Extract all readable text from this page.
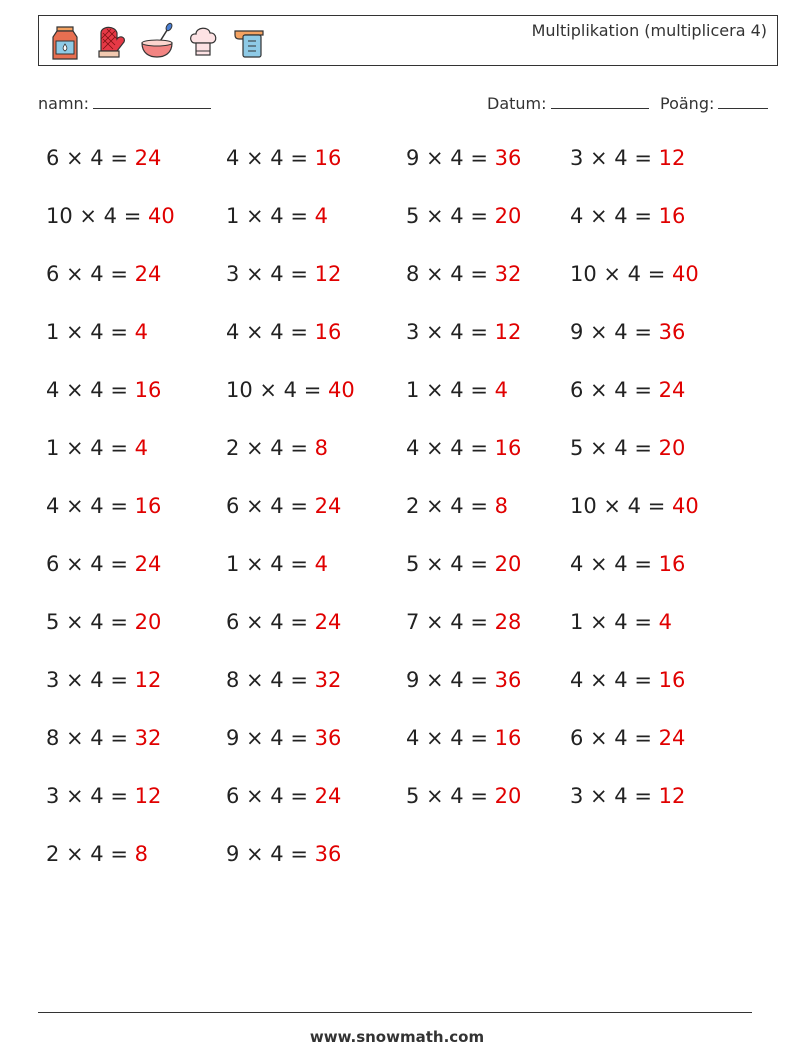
Multiplikation (multiplicera 4)
namn:	Datum:	Poäng:
6 × 4 = 24	4 × 4 = 16	9 × 4 = 36 3 × 4 = 12
10 × 4 = 40 1 × 4 = 4	5 × 4 = 20 4 × 4 = 16
6 × 4 = 24	3 × 4 = 12	8 × 4 = 32 10 × 4 = 40
1 × 4 = 4	4 × 4 = 16	3 × 4 = 12 9 × 4 = 36
4 × 4 = 16	10 × 4 = 40 1 × 4 = 4	6 × 4 = 24
1 × 4 = 4	2 × 4 = 8	4 × 4 = 16 5 × 4 = 20
4 × 4 = 16	6 × 4 = 24	2 × 4 = 8	10 × 4 = 40
6 × 4 = 24	1 × 4 = 4	5 × 4 = 20 4 × 4 = 16
5 × 4 = 20	6 × 4 = 24	7 × 4 = 28 1 × 4 = 4
3 × 4 = 12	8 × 4 = 32	9 × 4 = 36 4 × 4 = 16
8 × 4 = 32	9 × 4 = 36	4 × 4 = 16 6 × 4 = 24
3 × 4 = 12	6 × 4 = 24	5 × 4 = 20 3 × 4 = 12
2 × 4 = 8	9 × 4 = 36
www.snowmath.com
